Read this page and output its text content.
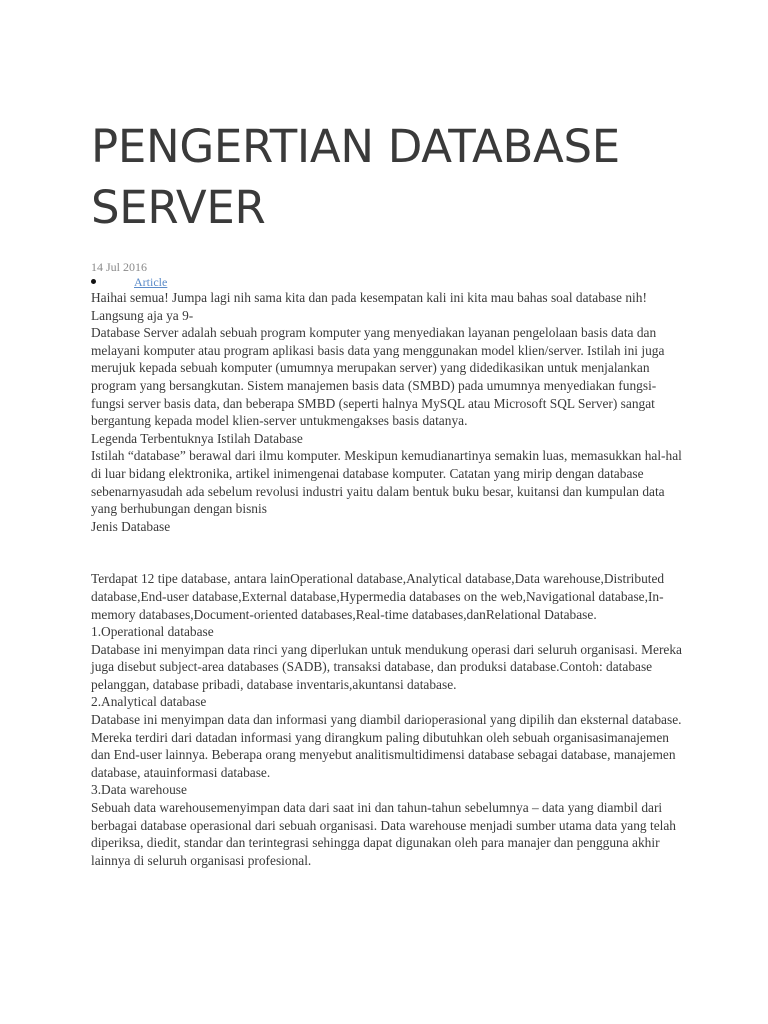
PENGERTIAN DATABASE SERVER
14 Jul 2016
Article

Haihai semua! Jumpa lagi nih sama kita dan pada kesempatan kali ini kita mau bahas soal database nih! Langsung aja ya 9-

Database Server adalah sebuah program komputer yang menyediakan layanan pengelolaan basis data dan melayani komputer atau program aplikasi basis data yang menggunakan model klien/server. Istilah ini juga merujuk kepada sebuah komputer (umumnya merupakan server) yang didedikasikan untuk menjalankan program yang bersangkutan. Sistem manajemen basis data (SMBD) pada umumnya menyediakan fungsi-fungsi server basis data, dan beberapa SMBD (seperti halnya MySQL atau Microsoft SQL Server) sangat bergantung kepada model klien-server untukmengakses basis datanya.

Legenda Terbentuknya Istilah Database

Istilah “database” berawal dari ilmu komputer. Meskipun kemudianartinya semakin luas, memasukkan hal-hal di luar bidang elektronika, artikel inimengenai database komputer. Catatan yang mirip dengan database sebenarnyasudah ada sebelum revolusi industri yaitu dalam bentuk buku besar, kuitansi dan kumpulan data yang berhubungan dengan bisnis

Jenis Database

Terdapat 12 tipe database, antara lainOperational database,Analytical database,Data warehouse,Distributed database,End-user database,External database,Hypermedia databases on the web,Navigational database,In-memory databases,Document-oriented databases,Real-time databases,danRelational Database.

1.Operational database

Database ini menyimpan data rinci yang diperlukan untuk mendukung operasi dari seluruh organisasi. Mereka juga disebut subject-area databases (SADB), transaksi database, dan produksi database.Contoh: database pelanggan, database pribadi, database inventaris,akuntansi database.

2.Analytical database

Database ini menyimpan data dan informasi yang diambil darioperasional yang dipilih dan eksternal database. Mereka terdiri dari datadan informasi yang dirangkum paling dibutuhkan oleh sebuah organisasimanajemen dan End-user lainnya. Beberapa orang menyebut analitismultidimensi database sebagai database, manajemen database, atauinformasi database.

3.Data warehouse

Sebuah data warehousemenyimpan data dari saat ini dan tahun-tahun sebelumnya – data yang diambil dari berbagai database operasional dari sebuah organisasi. Data warehouse menjadi sumber utama data yang telah diperiksa, diedit, standar dan terintegrasi sehingga dapat digunakan oleh para manajer dan pengguna akhir lainnya di seluruh organisasi profesional.
